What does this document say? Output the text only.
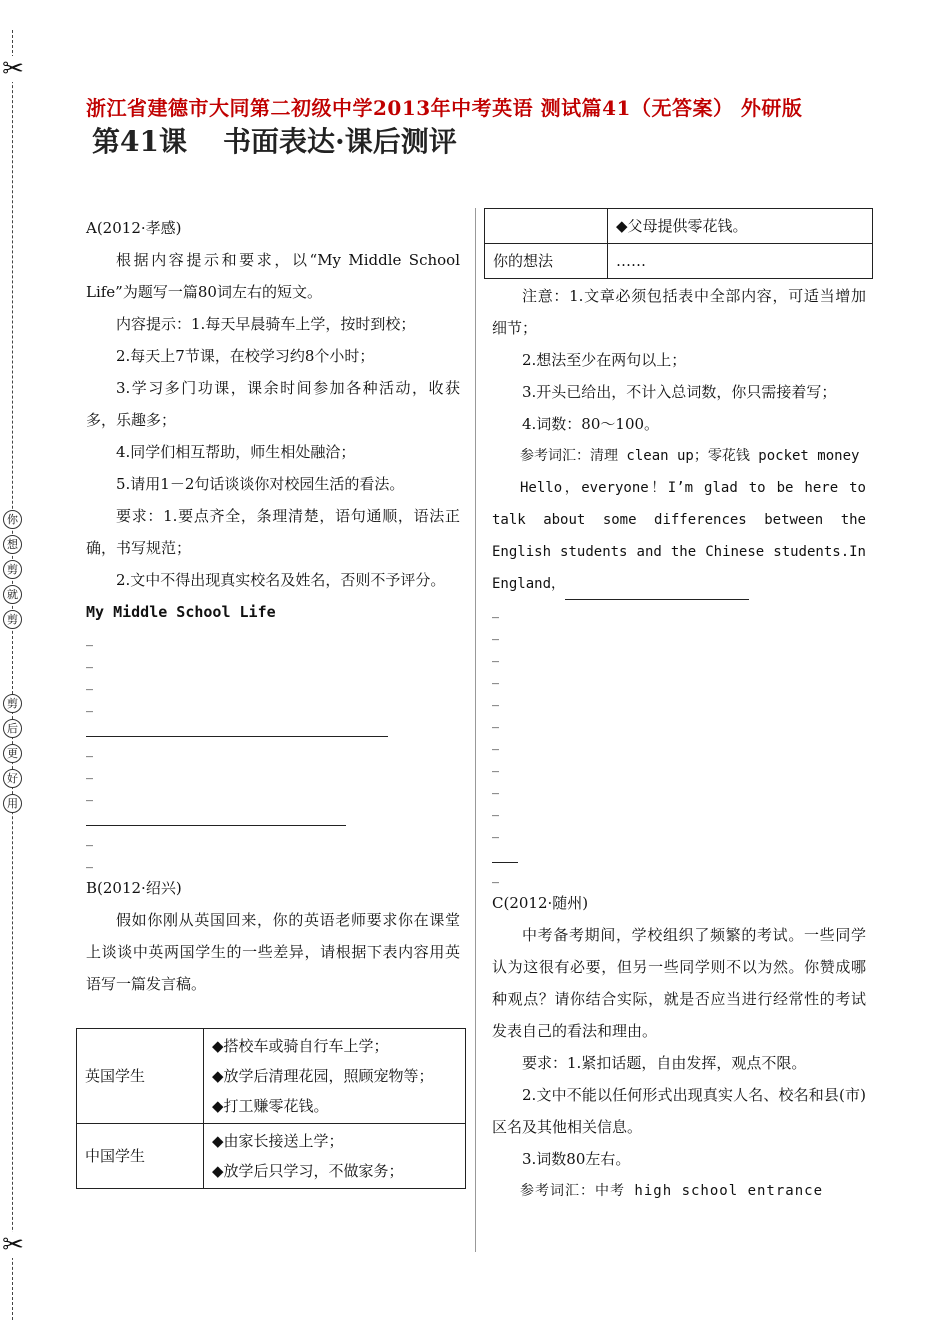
✂
✂
你
想
剪
就
剪
剪
后
更
好
用
浙江省建德市大同第二初级中学2013年中考英语 测试篇41（无答案） 外研版
第41课 书面表达·课后测评

A(2012·孝感)

根据内容提示和要求，以“My Middle School Life”为题写一篇80词左右的短文。

内容提示：1.每天早晨骑车上学，按时到校；

2.每天上7节课，在校学习约8个小时；

3.学习多门功课，课余时间参加各种活动，收获多，乐趣多；

4.同学们相互帮助，师生相处融洽；

5.请用1－2句话谈谈你对校园生活的看法。

要求：1.要点齐全，条理清楚，语句通顺，语法正确，书写规范；

2.文中不得出现真实校名及姓名，否则不予评分。

My Middle School Life

_
_
_
_
_
_
_
_
_

B(2012·绍兴)

假如你刚从英国回来，你的英语老师要求你在课堂上谈谈中英两国学生的一些差异，请根据下表内容用英语写一篇发言稿。

英国学生	◆搭校车或骑自行车上学；
◆放学后清理花园，照顾宠物等；
◆打工赚零花钱。

中国学生	◆由家长接送上学；
◆放学后只学习，不做家务；
	◆父母提供零花钱。
你的想法	……

注意：1.文章必须包括表中全部内容，可适当增加细节；

2.想法至少在两句以上；

3.开头已给出，不计入总词数，你只需接着写；

4.词数：80～100。

参考词汇：清理 clean up；零花钱 pocket money

Hello，everyone！I’m glad to be here to talk about some differences between the English students and the Chinese students.In England，

_
_
_
_
_
_
_
_
_
_
_
_

C(2012·随州)

中考备考期间，学校组织了频繁的考试。一些同学认为这很有必要，但另一些同学则不以为然。你赞成哪种观点？请你结合实际，就是否应当进行经常性的考试发表自己的看法和理由。

要求：1.紧扣话题，自由发挥，观点不限。

2.文中不能以任何形式出现真实人名、校名和县(市)区名及其他相关信息。

3.词数80左右。

参考词汇：中考 high school entrance
